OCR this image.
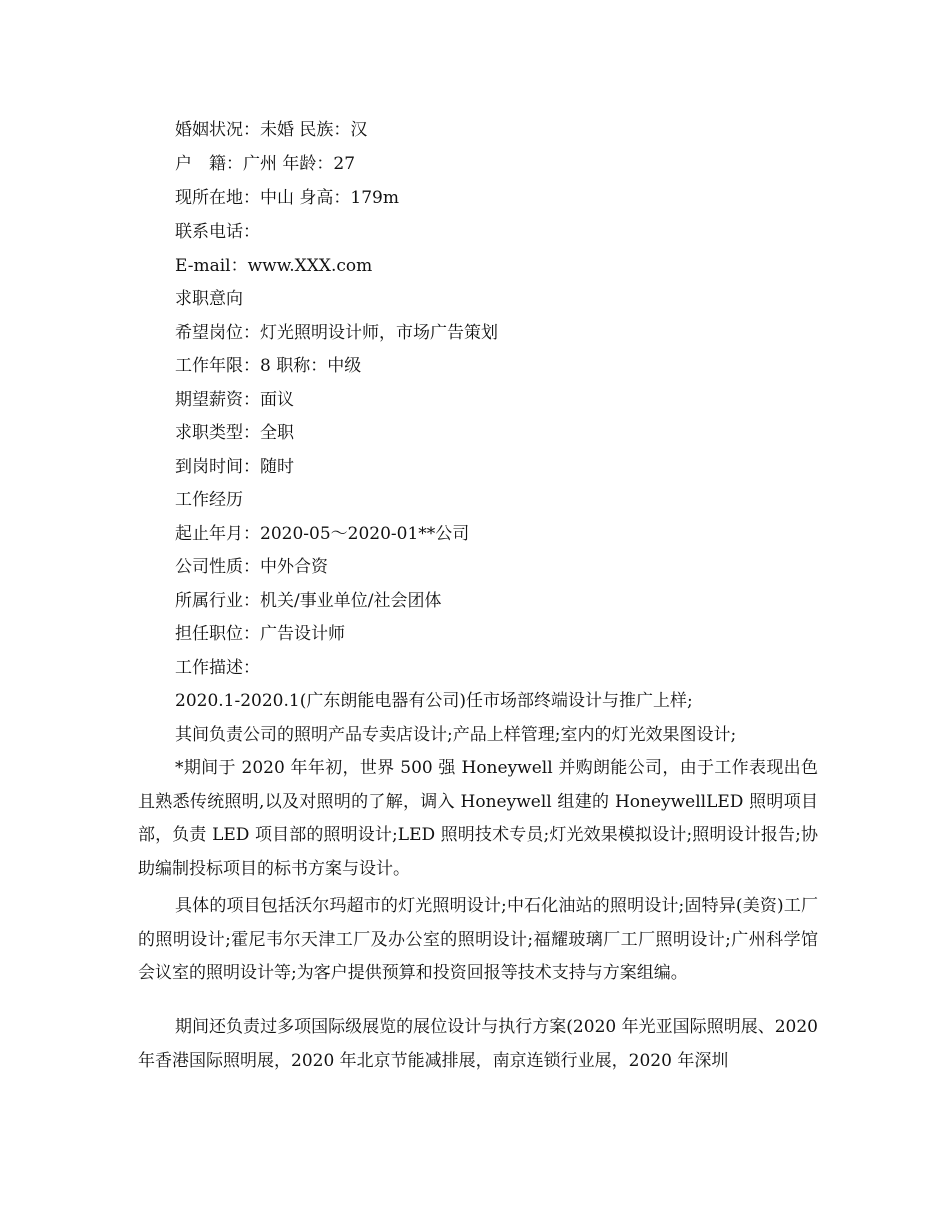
婚姻状况：未婚 民族：汉
户　籍：广州 年龄：27
现所在地：中山 身高：179m
联系电话：
E-mail：www.XXX.com
求职意向
希望岗位：灯光照明设计师，市场广告策划
工作年限：8 职称：中级
期望薪资：面议
求职类型：全职
到岗时间：随时
工作经历
起止年月：2020-05～2020-01**公司
公司性质：中外合资
所属行业：机关/事业单位/社会团体
担任职位：广告设计师
工作描述：
2020.1-2020.1(广东朗能电器有公司)任市场部终端设计与推广上样;
其间负责公司的照明产品专卖店设计;产品上样管理;室内的灯光效果图设计;
*期间于 2020 年年初，世界 500 强 Honeywell 并购朗能公司，由于工作表现出色且熟悉传统照明,以及对照明的了解，调入 Honeywell 组建的 HoneywellLED 照明项目部，负责 LED 项目部的照明设计;LED 照明技术专员;灯光效果模拟设计;照明设计报告;协助编制投标项目的标书方案与设计。
具体的项目包括沃尔玛超市的灯光照明设计;中石化油站的照明设计;固特异(美资)工厂的照明设计;霍尼韦尔天津工厂及办公室的照明设计;福耀玻璃厂工厂照明设计;广州科学馆会议室的照明设计等;为客户提供预算和投资回报等技术支持与方案组编。
期间还负责过多项国际级展览的展位设计与执行方案(2020 年光亚国际照明展、2020 年香港国际照明展，2020 年北京节能减排展，南京连锁行业展，2020 年深圳
